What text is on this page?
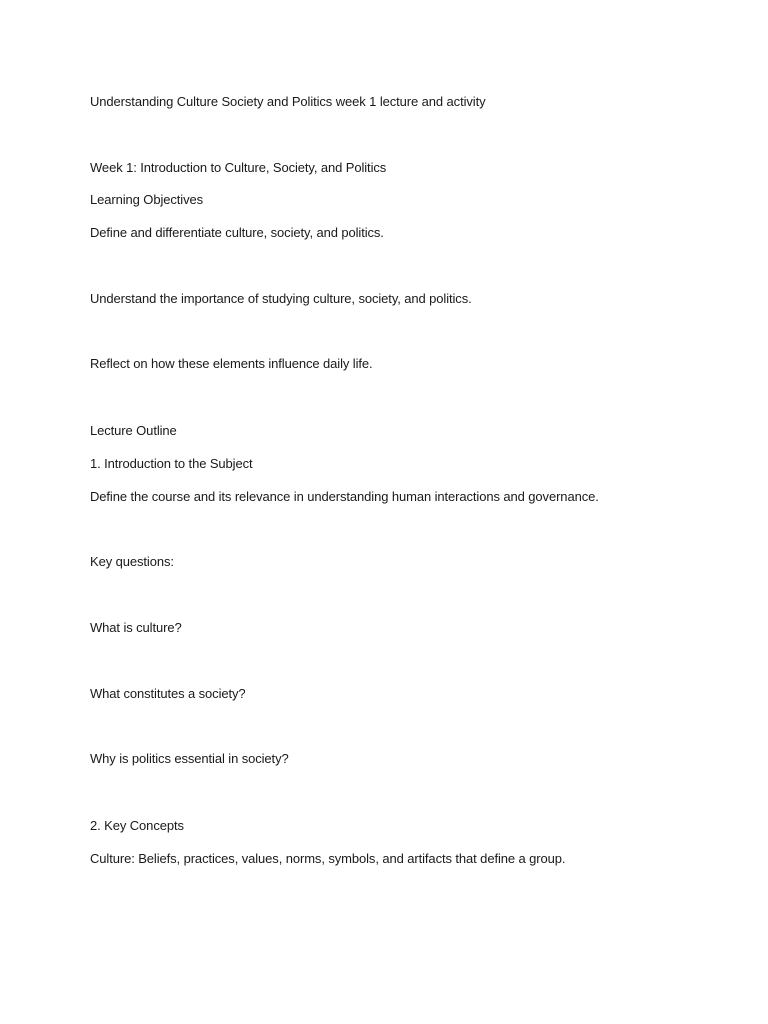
Understanding Culture Society and Politics week 1 lecture and activity
Week 1: Introduction to Culture, Society, and Politics
Learning Objectives
Define and differentiate culture, society, and politics.
Understand the importance of studying culture, society, and politics.
Reflect on how these elements influence daily life.
Lecture Outline
1. Introduction to the Subject
Define the course and its relevance in understanding human interactions and governance.
Key questions:
What is culture?
What constitutes a society?
Why is politics essential in society?
2. Key Concepts
Culture: Beliefs, practices, values, norms, symbols, and artifacts that define a group.
